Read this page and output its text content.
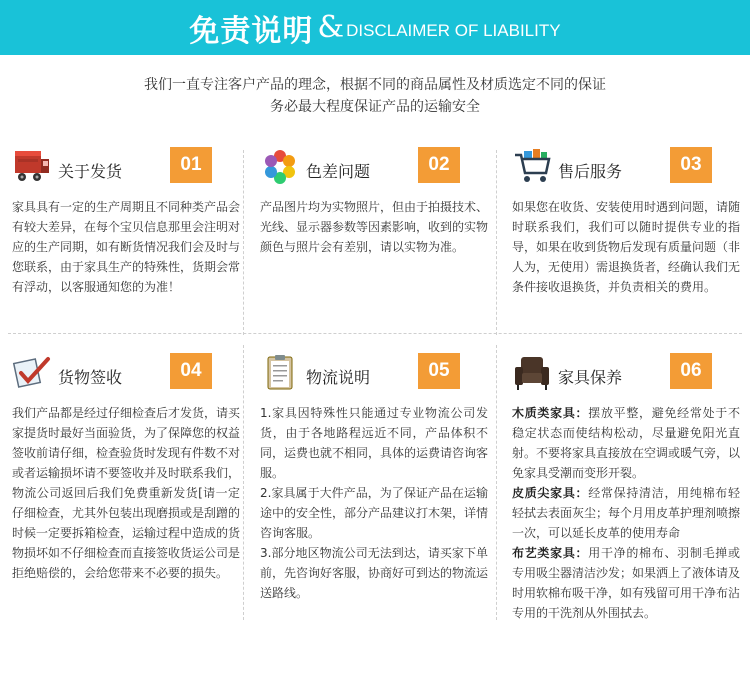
免责说明 & DISCLAIMER OF LIABILITY
我们一直专注客户产品的理念，根据不同的商品属性及材质选定不同的保证
务必最大程度保证产品的运输安全
关于发货	01
家具具有一定的生产周期且不同种类产品会有较大差异，在每个宝贝信息那里会注明对应的生产同期，如有断货情况我们会及时与您联系，由于家具生产的特殊性，货期会常有浮动，以客服通知您的为准！
色差问题	02
产品图片均为实物照片，但由于拍摄技术、光线、显示器参数等因素影响，收到的实物颜色与照片会有差别，请以实物为准。
售后服务	03
如果您在收货、安装使用时遇到问题，请随时联系我们，我们可以随时提供专业的指导，如果在收到货物后发现有质量问题（非人为，无使用）需退换货者，经确认我们无条件接收退换货，并负责相关的费用。
货物签收	04
我们产品都是经过仔细检查后才发货，请买家提货时最好当面验货，为了保障您的权益签收前请仔细，检查验货时发现有件数不对或者运输损坏请不要签收并及时联系我们，物流公司返回后我们免费重新发货[请一定仔细检查，尤其外包装出现磨损或是刮蹭的时候一定要拆箱检查，运输过程中造成的货物损坏如不仔细检查而直接签收货运公司是拒绝赔偿的，会给您带来不必要的损失。
物流说明	05

1.家具因特殊性只能通过专业物流公司发货，由于各地路程远近不同，产品体积不同，运费也就不相同，具体的运费请咨询客服。

2.家具属于大件产品，为了保证产品在运输途中的安全性，部分产品建议打木架，详情咨询客服。

3.部分地区物流公司无法到达，请买家下单前，先咨询好客服，协商好可到达的物流运送路线。

家具保养	06

木质类家具：摆放平整，避免经常处于不稳定状态而使结构松动，尽量避免阳光直射。不要将家具直接放在空调或暖气旁，以免家具受潮而变形开裂。

皮质尖家具：经常保持清洁，用纯棉布轻轻拭去表面灰尘；每个月用皮革护理剂喷擦一次，可以延长皮革的使用寿命

布艺类家具：用干净的棉布、羽制毛掸或专用吸尘器清洁沙发；如果洒上了液体请及时用软棉布吸干净，如有残留可用干净布沾专用的干洗剂从外围拭去。
